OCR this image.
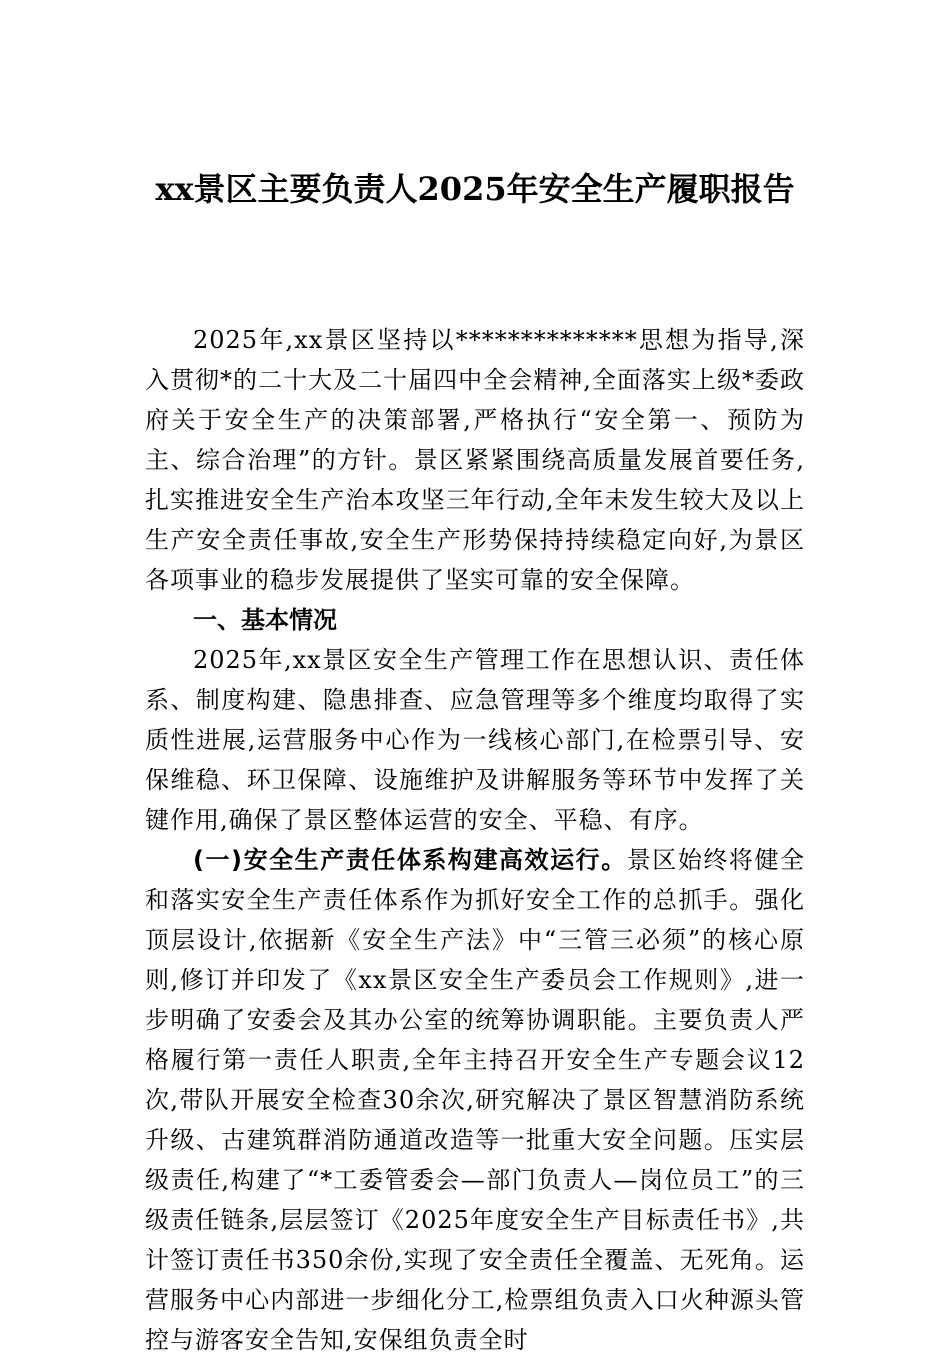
xx景区主要负责人2025年安全生产履职报告

2025年,xx景区坚持以**************思想为指导,深入贯彻*的二十大及二十届四中全会精神,全面落实上级*委政府关于安全生产的决策部署,严格执行“安全第一、预防为主、综合治理”的方针。景区紧紧围绕高质量发展首要任务,扎实推进安全生产治本攻坚三年行动,全年未发生较大及以上生产安全责任事故,安全生产形势保持持续稳定向好,为景区各项事业的稳步发展提供了坚实可靠的安全保障。

一、基本情况

2025年,xx景区安全生产管理工作在思想认识、责任体系、制度构建、隐患排查、应急管理等多个维度均取得了实质性进展,运营服务中心作为一线核心部门,在检票引导、安保维稳、环卫保障、设施维护及讲解服务等环节中发挥了关键作用,确保了景区整体运营的安全、平稳、有序。

(一)安全生产责任体系构建高效运行。景区始终将健全和落实安全生产责任体系作为抓好安全工作的总抓手。强化顶层设计,依据新《安全生产法》中“三管三必须”的核心原则,修订并印发了《xx景区安全生产委员会工作规则》,进一步明确了安委会及其办公室的统筹协调职能。主要负责人严格履行第一责任人职责,全年主持召开安全生产专题会议12次,带队开展安全检查30余次,研究解决了景区智慧消防系统升级、古建筑群消防通道改造等一批重大安全问题。压实层级责任,构建了“*工委管委会—部门负责人—岗位员工”的三级责任链条,层层签订《2025年度安全生产目标责任书》,共计签订责任书350余份,实现了安全责任全覆盖、无死角。运营服务中心内部进一步细化分工,检票组负责入口火种源头管控与游客安全告知,安保组负责全时
